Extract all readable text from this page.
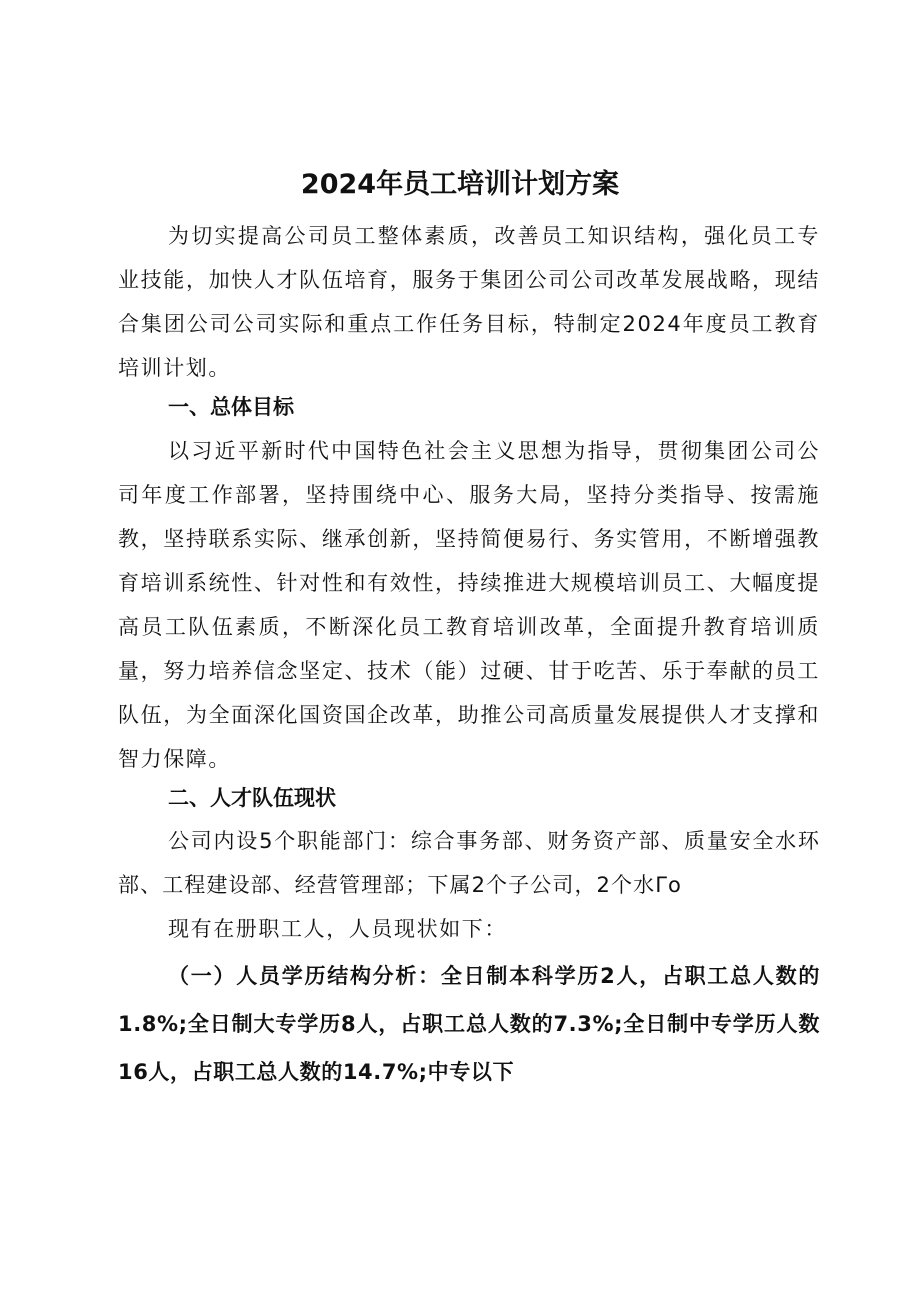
2024年员工培训计划方案

为切实提高公司员工整体素质，改善员工知识结构，强化员工专业技能，加快人才队伍培育，服务于集团公司公司改革发展战略，现结合集团公司公司实际和重点工作任务目标，特制定2024年度员工教育培训计划。

一、总体目标

以习近平新时代中国特色社会主义思想为指导，贯彻集团公司公司年度工作部署，坚持围绕中心、服务大局，坚持分类指导、按需施教，坚持联系实际、继承创新，坚持简便易行、务实管用，不断增强教育培训系统性、针对性和有效性，持续推进大规模培训员工、大幅度提高员工队伍素质，不断深化员工教育培训改革，全面提升教育培训质量，努力培养信念坚定、技术（能）过硬、甘于吃苦、乐于奉献的员工队伍，为全面深化国资国企改革，助推公司高质量发展提供人才支撑和智力保障。

二、人才队伍现状

公司内设5个职能部门：综合事务部、财务资产部、质量安全水环部、工程建设部、经营管理部；下属2个子公司，2个水Γo

现有在册职工人，人员现状如下：

（一）人员学历结构分析：全日制本科学历2人，占职工总人数的1.8%;全日制大专学历8人，占职工总人数的7.3%;全日制中专学历人数16人，占职工总人数的14.7%;中专以下
